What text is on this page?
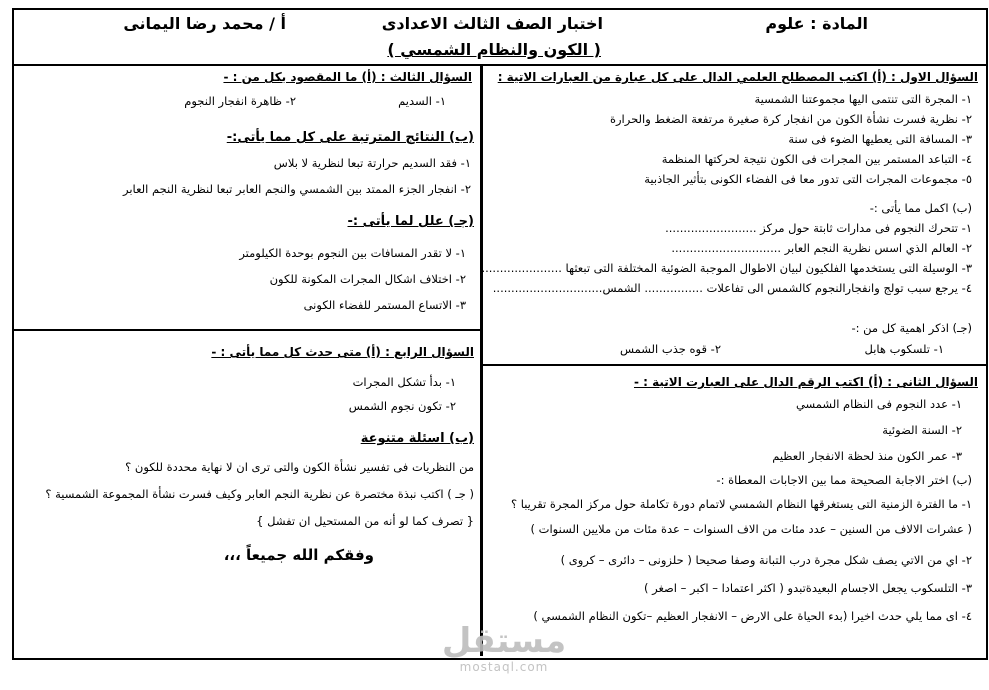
المادة : علوم
اختبار الصف الثالث الاعدادى
أ / محمد رضا اليمانى
( الكون والنظام الشمسي )
السؤال الاول : (أ) اكتب المصطلح العلمي الدال على كل عبارة من العبارات الاتية :
١- المجرة التى تنتمى اليها مجموعتنا الشمسية
٢- نظرية فسرت نشأة الكون من انفجار كرة صغيرة مرتفعة الضغط والحرارة
٣- المسافة التى يعطيها الضوء فى سنة
٤- التباعد المستمر بين المجرات فى الكون نتيجة لحركتها المنظمة
٥- مجموعات المجرات التى تدور معا فى الفضاء الكونى بتأثير الجاذبية
(ب) اكمل مما يأتى :-
١- تتحرك النجوم فى مدارات ثابتة حول مركز .........................
٢- العالم الذي اسس نظرية النجم العابر ..............................
٣- الوسيلة التى يستخدمها الفلكيون لبيان الاطوال الموجبة الضوئية المختلفة التى تبعثها ......................
٤- يرجع سبب تولج وانفجارالنجوم كالشمس الى تفاعلات ................ الشمس..............................
(جـ) اذكر اهمية كل من :-
١- تلسكوب هابل
٢- قوه جذب الشمس
السؤال الثانى : (أ) اكتب الرقم الدال على العبارت الاتية : -
١- عدد النجوم فى النظام الشمسي
٢- السنة الضوئية
٣- عمر الكون منذ لحظة الانفجار العظيم
(ب) اختر الاجابة الصحيحة مما بين الاجابات المعطاة :-
١- ما الفترة الزمنية التى يستغرقها النظام الشمسي لاتمام دورة تكاملة حول مركز المجرة تقريبا ؟
( عشرات الالاف من السنين – عدد مئات من الاف السنوات – عدة مئات من ملايين السنوات )
٢- اي من الاتي يصف شكل مجرة درب التبانة وصفا صحيحا ( حلزونى – دائرى – كروى )
٣- التلسكوب يجعل الاجسام البعيدةتبدو ( اكثر اعتمادا – اكبر – اصغر )
٤- اى مما يلي حدث اخيرا (بدء الحياة على الارض – الانفجار العظيم –تكون النظام الشمسي )
السؤال الثالث : (أ) ما المقصود بكل من : -
١- السديم
٢- ظاهرة انفجار النجوم
(ب) النتائج المترتبة على كل مما يأتى:-
١- فقد السديم حرارتة تبعا لنظرية لا بلاس
٢- انفجار الجزء الممتد بين الشمسي والنجم العابر تبعا لنظرية النجم العابر
(جـ) علل لما يأتى :-
١- لا تقدر المسافات بين النجوم بوحدة الكيلومتر
٢- اختلاف اشكال المجرات المكونة للكون
٣- الاتساع المستمر للفضاء الكونى
السؤال الرابع : (أ) متى حدث كل مما يأتى : -
١- بدأ تشكل المجرات
٢- تكون نجوم الشمس
(ب) اسئلة متنوعة
من النظريات فى تفسير نشأة الكون والتى ترى ان لا نهاية محددة للكون ؟
( جـ ) اكتب نبذة مختصرة عن نظرية النجم العابر وكيف فسرت نشأة المجموعة الشمسية ؟
{ تصرف كما لو أنه من المستحيل ان تفشل }
وفقكم الله جميعاً ،،،
مستقل
mostaql.com
